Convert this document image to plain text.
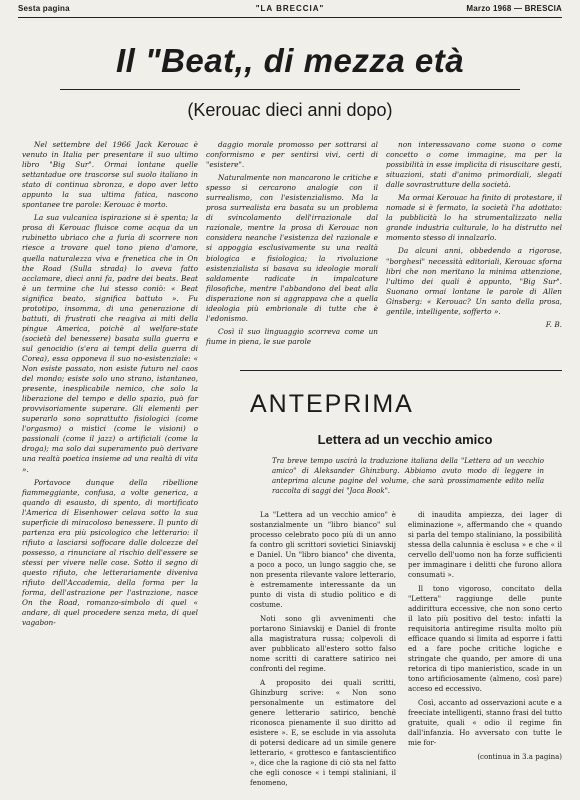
Sesta pagina	"LA BRECCIA"	Marzo 1968 — BRESCIA
Il "Beat,, di mezza età
(Kerouac dieci anni dopo)

Nel settembre del 1966 Jack Kerouac è venuto in Italia per presentare il suo ultimo libro "Big Sur". Ormai lontane quelle settantadue ore trascorse sul suolo italiano in stato di continua sbronza, e dopo aver letto appunto la sua ultima fatica, nascono spontanee tre parole: Kerouac è morto.

La sua vulcanica ispirazione si è spenta; la prosa di Kerouac fluisce come acqua da un rubinetto ubriaco che a furia di scorrere non riesce a trovare quel tono pieno d'amore, quella naturalezza viva e frenetica che in On the Road (Sulla strada) lo aveva fatto acclamare, dieci anni fa, padre dei beats. Beat è un termine che lui stesso coniò: « Beat significa beato, significa battuto ». Fu prototipo, insomma, di una generazione di battuti, di frustrati che reagiva ai miti della pingue America, poichè al welfare-state (società del benessere) basata sulla guerra e sul genocidio (s'era ai tempi della guerra di Corea), essa opponeva il suo no-esistenziale: « Non esiste passato, non esiste futuro nel caos del mondo; esiste solo uno strano, istantaneo, presente, inesplicabile nemico, che solo la liberazione del tempo e dello spazio, può far provvisoriamente superare. Gli elementi per superarlo sono soprattutto fisiologici (come l'orgasmo) o mistici (come le visioni) o passionali (come il jazz) o artificiali (come la droga); ma solo dai superamento può derivare una realtà poetica insieme ad una realtà di vita ».

Portavoce dunque della ribellione fiammeggiante, confusa, a volte generica, a quando di esausto, di spento, di mortificato l'America di Eisenhower celava sotto la sua superficie di miracoloso benessere. Il punto di partenza era più psicologico che letterario: il rifiuto a lasciarsi soffocare dalle dolcezze del possesso, a rinunciare al rischio dell'essere se stessi per vivere nelle cose. Sotto il segno di questo rifiuto, che letterariamente diveniva rifiuto dell'Accademia, della forma per la forma, dell'astrazione per l'astrazione, nasce On the Road, romanzo-simbolo di quel « andare, di quel procedere senza meta, di quel vagabon-

daggio morale promosso per sottrarsi al conformismo e per sentirsi vivi, certi di "esistere".

Naturalmente non mancarono le critiche e spesso si cercarono analogie con il surrealismo, con l'esistenzialismo. Ma la prosa surrealista era basata su un problema di svincolamento dell'irrazionale dal razionale, mentre la prosa di Kerouac non considera neanche l'esistenza del razionale e si appoggia esclusivamente su una realtà biologica e fisiologica; la rivoluzione esistenzialista si basava su ideologie morali saldamente radicate in impalcature filosofiche, mentre l'abbandono del beat alla disperazione non si aggrappava che a quella ideologia più embrionale di tutte che è l'edonismo.

Così il suo linguaggio scorreva come un fiume in piena, le sue parole

non interessavano come suono o come concetto o come immagine, ma per la possibilità in esse implicita di risuscitare gesti, situazioni, stati d'animo primordiali, slegati dalle sovrastrutture della società.

Ma ormai Kerouac ha finito di protestare, il nomade si è fermato, la società l'ha adottato: la pubblicità lo ha strumentalizzato nella grande industria culturale, lo ha distrutto nel momento stesso di innalzarlo.

Da alcuni anni, obbedendo a rigorose, "borghesi" necessità editoriali, Kerouac sforna libri che non meritano la minima attenzione, l'ultimo dei quali è appunto, "Big Sur". Suonano ormai lontane le parole di Allen Ginsberg: « Kerouac? Un santo della prosa, gentile, intelligente, sofferto ».

F. B.

ANTEPRIMA
Lettera ad un vecchio amico
Tra breve tempo uscirà la traduzione italiana della "Lettera ad un vecchio amico" di Aleksander Ghinzburg. Abbiamo avuto modo di leggere in anteprima alcune pagine del volume, che sarà prossimamente edito nella raccolta di saggi dei "Jaca Book".

La "Lettera ad un vecchio amico" è sostanzialmente un "libro bianco" sul processo celebrato poco più di un anno fa contro gli scrittori sovietici Siniavskij e Daniel. Un "libro bianco" che diventa, a poco a poco, un lungo saggio che, se non presenta rilevante valore letterario, è estremamente interessante da un punto di vista di studio politico e di costume.

Noti sono gli avvenimenti che portarono Siniavskij e Daniel di fronte alla magistratura russa; colpevoli di aver pubblicato all'estero sotto falso nome scritti di carattere satirico nei confronti del regime.

A proposito dei quali scritti, Ghinzburg scrive: « Non sono personalmente un estimatore del genere letterario satirico, benchè riconosca pienamente il suo diritto ad esistere ». E, se esclude in via assoluta di potersi dedicare ad un simile genere letterario, « grottesco e fantascientifico », dice che la ragione di ciò sta nel fatto che egli conosce « i tempi staliniani, il fenomeno,

di inaudita ampiezza, dei lager di eliminazione », affermando che « quando si parla del tempo staliniano, la possibilità stessa della calunnia è esclusa » e che « il cervello dell'uomo non ha forze sufficienti per immaginare i delitti che furono allora consumati ».

Il tono vigoroso, concitato della "Lettera" raggiunge delle punte addirittura eccessive, che non sono certo il lato più positivo del testo: infatti la requisitoria antiregime risulta molto più efficace quando si limita ad esporre i fatti ed a fare poche critiche logiche e stringate che quando, per amore di una retorica di tipo manieristico, scade in un tono artificiosamente (almeno, così pare) acceso ed eccessivo.

Così, accanto ad osservazioni acute e a freeciate intelligenti, stanno frasi del tutto gratuite, quali « odio il regime fin dall'infanzia. Ho avversato con tutte le mie for-

(continua in 3.a pagina)
